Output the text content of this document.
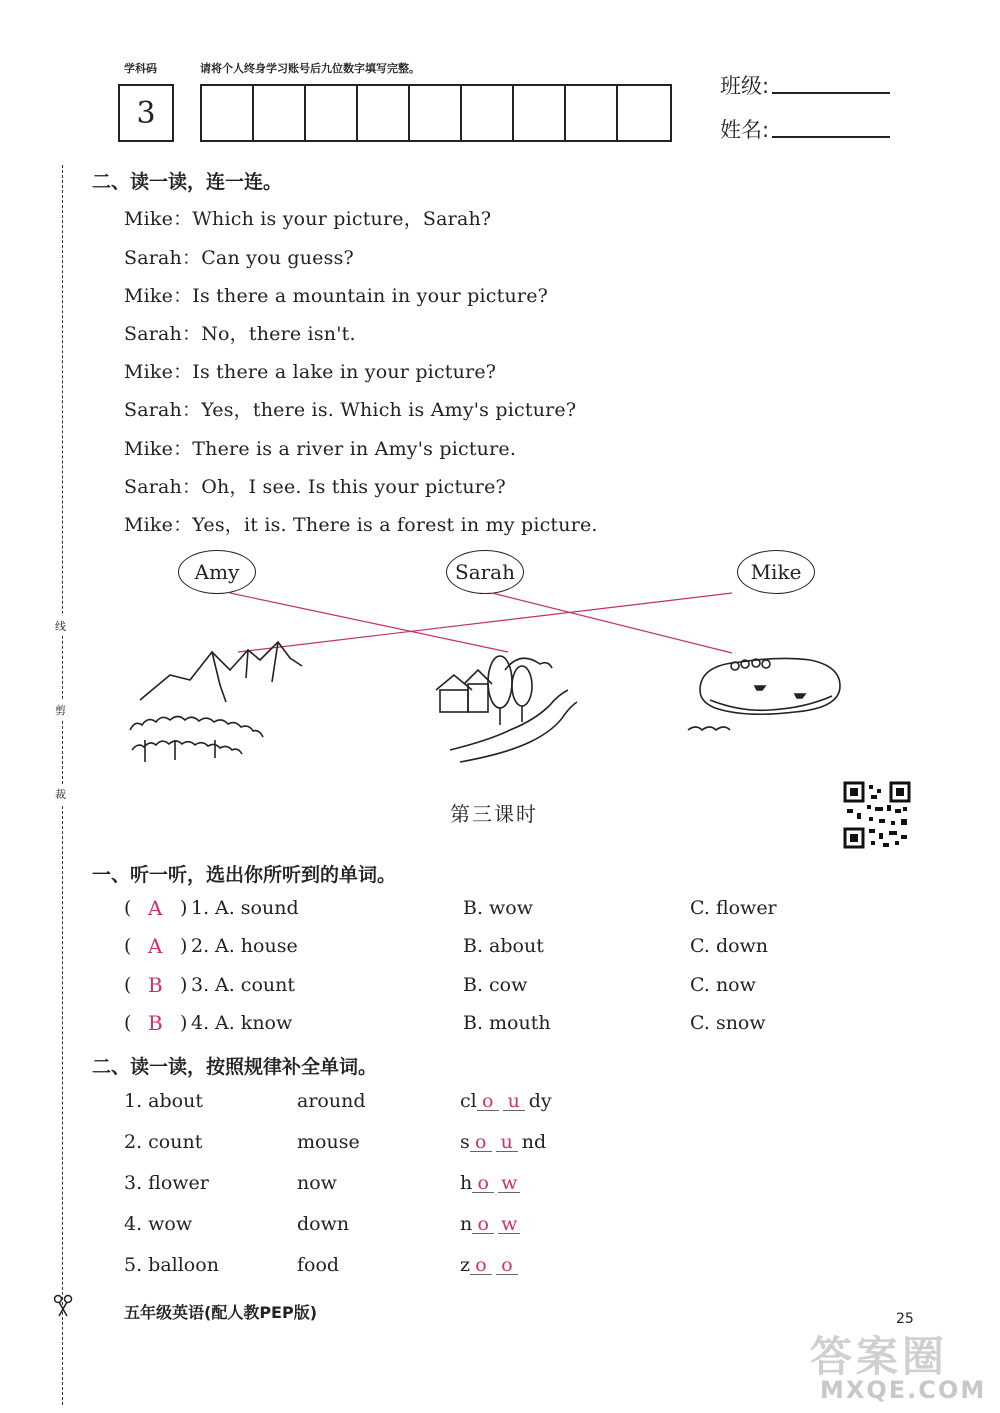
学科码	请将个人终身学习账号后九位数字填写完整。
3
班级:
姓名:
线
剪
裁
二、读一读，连一连。
Mike：Which is your picture，Sarah?
Sarah：Can you guess?
Mike：Is there a mountain in your picture?
Sarah：No，there isn't.
Mike：Is there a lake in your picture?
Sarah：Yes，there is. Which is Amy's picture?
Mike：There is a river in Amy's picture.
Sarah：Oh，I see. Is this your picture?
Mike：Yes，it is. There is a forest in my picture.
Amy	Sarah	Mike
第三课时
一、听一听，选出你所听到的单词。
( A ) 1. A. sound	B. wow	C. flower
( A ) 2. A. house	B. about	C. down
( B ) 3. A. count	B. cow	C. now
( B ) 4. A. know	B. mouth	C. snow
二、读一读，按照规律补全单词。
1. about	around	cl o u dy
2. count	mouse	s o u nd
3. flower	now	h o w
4. wow	down	n o w
5. balloon	food	z o o
五年级英语(配人教PEP版)	25
答案圈
MXQE.COM
